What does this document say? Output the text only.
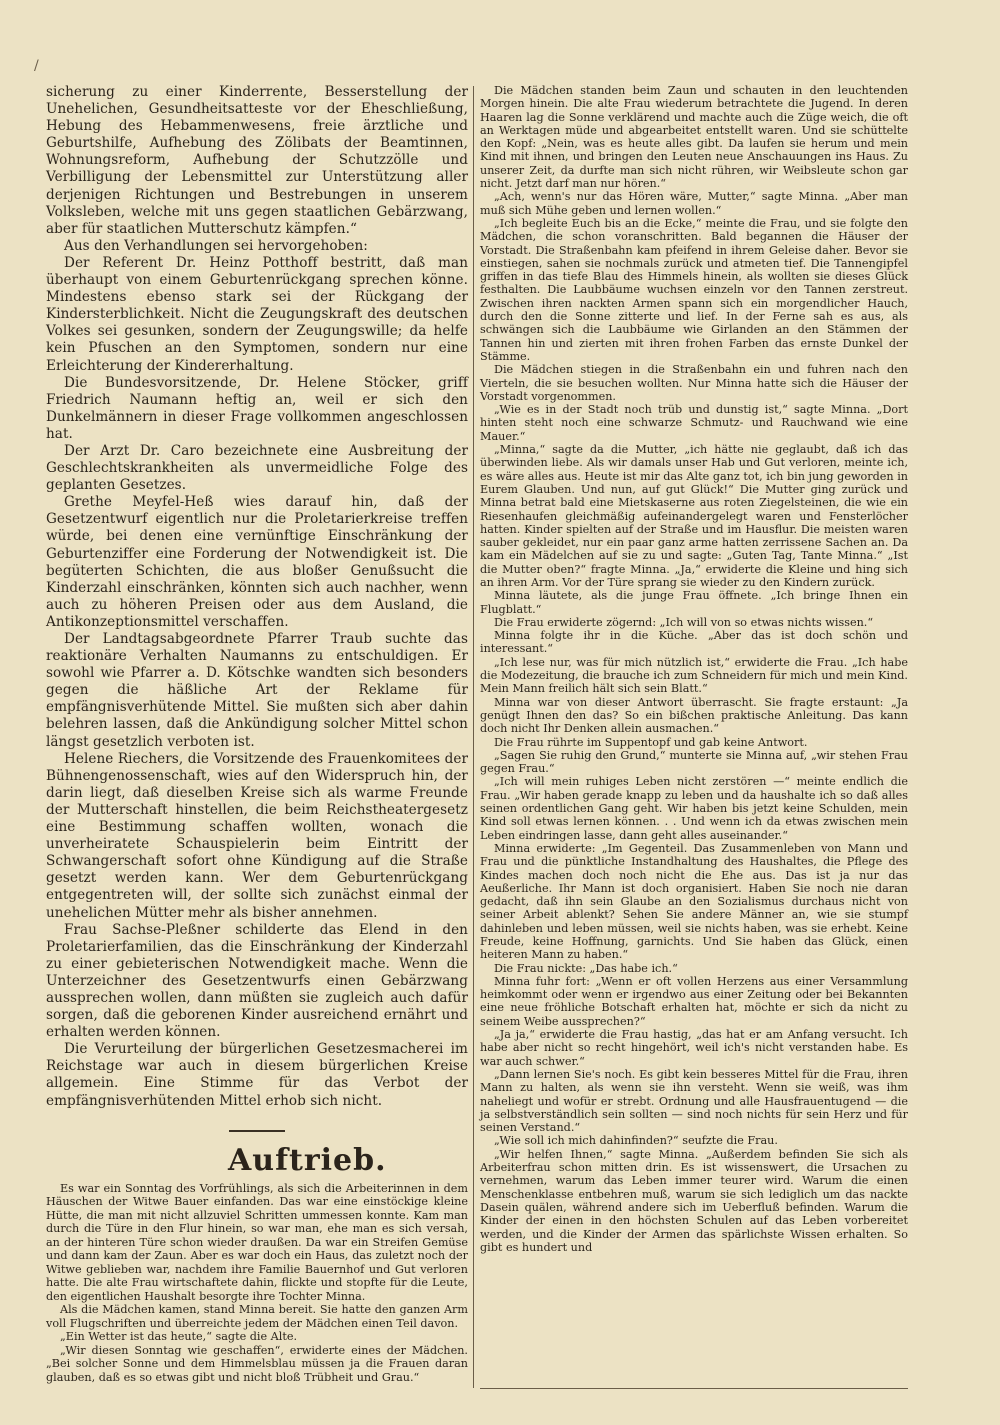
/

sicherung zu einer Kinderrente, Besserstellung der Unehelichen, Gesundheitsatteste vor der Eheschließung, Hebung des Hebammenwesens, freie ärztliche und Geburtshilfe, Aufhebung des Zölibats der Beamtinnen, Wohnungsreform, Aufhebung der Schutzzölle und Verbilligung der Lebensmittel zur Unterstützung aller derjenigen Richtungen und Bestrebungen in unserem Volksleben, welche mit uns gegen staatlichen Gebärzwang, aber für staatlichen Mutterschutz kämpfen.“

Aus den Verhandlungen sei hervorgehoben:

Der Referent Dr. Heinz Potthoff bestritt, daß man überhaupt von einem Geburtenrückgang sprechen könne. Mindestens ebenso stark sei der Rückgang der Kindersterblichkeit. Nicht die Zeugungskraft des deutschen Volkes sei gesunken, sondern der Zeugungswille; da helfe kein Pfuschen an den Symptomen, sondern nur eine Erleichterung der Kindererhaltung.

Die Bundesvorsitzende, Dr. Helene Stöcker, griff Friedrich Naumann heftig an, weil er sich den Dunkelmännern in dieser Frage vollkommen angeschlossen hat.

Der Arzt Dr. Caro bezeichnete eine Ausbreitung der Geschlechtskrankheiten als unvermeidliche Folge des geplanten Gesetzes.

Grethe Meyfel-Heß wies darauf hin, daß der Gesetzentwurf eigentlich nur die Proletarierkreise treffen würde, bei denen eine vernünftige Einschränkung der Geburtenziffer eine Forderung der Notwendigkeit ist. Die begüterten Schichten, die aus bloßer Genußsucht die Kinderzahl einschränken, könnten sich auch nachher, wenn auch zu höheren Preisen oder aus dem Ausland, die Antikonzeptionsmittel verschaffen.

Der Landtagsabgeordnete Pfarrer Traub suchte das reaktionäre Verhalten Naumanns zu entschuldigen. Er sowohl wie Pfarrer a. D. Kötschke wandten sich besonders gegen die häßliche Art der Reklame für empfängnisverhütende Mittel. Sie mußten sich aber dahin belehren lassen, daß die Ankündigung solcher Mittel schon längst gesetzlich verboten ist.

Helene Riechers, die Vorsitzende des Frauenkomitees der Bühnengenossenschaft, wies auf den Widerspruch hin, der darin liegt, daß dieselben Kreise sich als warme Freunde der Mutterschaft hinstellen, die beim Reichstheatergesetz eine Bestimmung schaffen wollten, wonach die unverheiratete Schauspielerin beim Eintritt der Schwangerschaft sofort ohne Kündigung auf die Straße gesetzt werden kann. Wer dem Geburtenrückgang entgegentreten will, der sollte sich zunächst einmal der unehelichen Mütter mehr als bisher annehmen.

Frau Sachse-Pleßner schilderte das Elend in den Proletarierfamilien, das die Einschränkung der Kinderzahl zu einer gebieterischen Notwendigkeit mache. Wenn die Unterzeichner des Gesetzentwurfs einen Gebärzwang aussprechen wollen, dann müßten sie zugleich auch dafür sorgen, daß die geborenen Kinder ausreichend ernährt und erhalten werden können.

Die Verurteilung der bürgerlichen Gesetzesmacherei im Reichstage war auch in diesem bürgerlichen Kreise allgemein. Eine Stimme für das Verbot der empfängnisverhütenden Mittel erhob sich nicht.

Auftrieb.

Es war ein Sonntag des Vorfrühlings, als sich die Arbeiterinnen in dem Häuschen der Witwe Bauer einfanden. Das war eine einstöckige kleine Hütte, die man mit nicht allzuviel Schritten ummessen konnte. Kam man durch die Türe in den Flur hinein, so war man, ehe man es sich versah, an der hinteren Türe schon wieder draußen. Da war ein Streifen Gemüse und dann kam der Zaun. Aber es war doch ein Haus, das zuletzt noch der Witwe geblieben war, nachdem ihre Familie Bauernhof und Gut verloren hatte. Die alte Frau wirtschaftete dahin, flickte und stopfte für die Leute, den eigentlichen Haushalt besorgte ihre Tochter Minna.

Als die Mädchen kamen, stand Minna bereit. Sie hatte den ganzen Arm voll Flugschriften und überreichte jedem der Mädchen einen Teil davon.

„Ein Wetter ist das heute,“ sagte die Alte.

„Wir diesen Sonntag wie geschaffen“, erwiderte eines der Mädchen. „Bei solcher Sonne und dem Himmelsblau müssen ja die Frauen daran glauben, daß es so etwas gibt und nicht bloß Trübheit und Grau.“

Die Mädchen standen beim Zaun und schauten in den leuchtenden Morgen hinein. Die alte Frau wiederum betrachtete die Jugend. In deren Haaren lag die Sonne verklärend und machte auch die Züge weich, die oft an Werktagen müde und abgearbeitet entstellt waren. Und sie schüttelte den Kopf: „Nein, was es heute alles gibt. Da laufen sie herum und mein Kind mit ihnen, und bringen den Leuten neue Anschauungen ins Haus. Zu unserer Zeit, da durfte man sich nicht rühren, wir Weibsleute schon gar nicht. Jetzt darf man nur hören.“

„Ach, wenn's nur das Hören wäre, Mutter,“ sagte Minna. „Aber man muß sich Mühe geben und lernen wollen.“

„Ich begleite Euch bis an die Ecke,“ meinte die Frau, und sie folgte den Mädchen, die schon voranschritten. Bald begannen die Häuser der Vorstadt. Die Straßenbahn kam pfeifend in ihrem Geleise daher. Bevor sie einstiegen, sahen sie nochmals zurück und atmeten tief. Die Tannengipfel griffen in das tiefe Blau des Himmels hinein, als wollten sie dieses Glück festhalten. Die Laubbäume wuchsen einzeln vor den Tannen zerstreut. Zwischen ihren nackten Armen spann sich ein morgendlicher Hauch, durch den die Sonne zitterte und lief. In der Ferne sah es aus, als schwängen sich die Laubbäume wie Girlanden an den Stämmen der Tannen hin und zierten mit ihren frohen Farben das ernste Dunkel der Stämme.

Die Mädchen stiegen in die Straßenbahn ein und fuhren nach den Vierteln, die sie besuchen wollten. Nur Minna hatte sich die Häuser der Vorstadt vorgenommen.

„Wie es in der Stadt noch trüb und dunstig ist,“ sagte Minna. „Dort hinten steht noch eine schwarze Schmutz- und Rauchwand wie eine Mauer.“

„Minna,“ sagte da die Mutter, „ich hätte nie geglaubt, daß ich das überwinden liebe. Als wir damals unser Hab und Gut verloren, meinte ich, es wäre alles aus. Heute ist mir das Alte ganz tot, ich bin jung geworden in Eurem Glauben. Und nun, auf gut Glück!“ Die Mutter ging zurück und Minna betrat bald eine Mietskaserne aus roten Ziegelsteinen, die wie ein Riesenhaufen gleichmäßig aufeinandergelegt waren und Fensterlöcher hatten. Kinder spielten auf der Straße und im Hausflur. Die meisten waren sauber gekleidet, nur ein paar ganz arme hatten zerrissene Sachen an. Da kam ein Mädelchen auf sie zu und sagte: „Guten Tag, Tante Minna.“ „Ist die Mutter oben?“ fragte Minna. „Ja,“ erwiderte die Kleine und hing sich an ihren Arm. Vor der Türe sprang sie wieder zu den Kindern zurück.

Minna läutete, als die junge Frau öffnete. „Ich bringe Ihnen ein Flugblatt.“

Die Frau erwiderte zögernd: „Ich will von so etwas nichts wissen.“

Minna folgte ihr in die Küche. „Aber das ist doch schön und interessant.“

„Ich lese nur, was für mich nützlich ist,“ erwiderte die Frau. „Ich habe die Modezeitung, die brauche ich zum Schneidern für mich und mein Kind. Mein Mann freilich hält sich sein Blatt.“

Minna war von dieser Antwort überrascht. Sie fragte erstaunt: „Ja genügt Ihnen den das? So ein bißchen praktische Anleitung. Das kann doch nicht Ihr Denken allein ausmachen.“

Die Frau rührte im Suppentopf und gab keine Antwort.

„Sagen Sie ruhig den Grund,“ munterte sie Minna auf, „wir stehen Frau gegen Frau.“

„Ich will mein ruhiges Leben nicht zerstören —“ meinte endlich die Frau. „Wir haben gerade knapp zu leben und da haushalte ich so daß alles seinen ordentlichen Gang geht. Wir haben bis jetzt keine Schulden, mein Kind soll etwas lernen können. . . Und wenn ich da etwas zwischen mein Leben eindringen lasse, dann geht alles auseinander.“

Minna erwiderte: „Im Gegenteil. Das Zusammenleben von Mann und Frau und die pünktliche Instandhaltung des Haushaltes, die Pflege des Kindes machen doch noch nicht die Ehe aus. Das ist ja nur das Aeußerliche. Ihr Mann ist doch organisiert. Haben Sie noch nie daran gedacht, daß ihn sein Glaube an den Sozialismus durchaus nicht von seiner Arbeit ablenkt? Sehen Sie andere Männer an, wie sie stumpf dahinleben und leben müssen, weil sie nichts haben, was sie erhebt. Keine Freude, keine Hoffnung, garnichts. Und Sie haben das Glück, einen heiteren Mann zu haben.“

Die Frau nickte: „Das habe ich.“

Minna fuhr fort: „Wenn er oft vollen Herzens aus einer Versammlung heimkommt oder wenn er irgendwo aus einer Zeitung oder bei Bekannten eine neue fröhliche Botschaft erhalten hat, möchte er sich da nicht zu seinem Weibe aussprechen?“

„Ja ja,“ erwiderte die Frau hastig, „das hat er am Anfang versucht. Ich habe aber nicht so recht hingehört, weil ich's nicht verstanden habe. Es war auch schwer.“

„Dann lernen Sie's noch. Es gibt kein besseres Mittel für die Frau, ihren Mann zu halten, als wenn sie ihn versteht. Wenn sie weiß, was ihm naheliegt und wofür er strebt. Ordnung und alle Hausfrauentugend — die ja selbstverständlich sein sollten — sind noch nichts für sein Herz und für seinen Verstand.“

„Wie soll ich mich dahinfinden?“ seufzte die Frau.

„Wir helfen Ihnen,“ sagte Minna. „Außerdem befinden Sie sich als Arbeiterfrau schon mitten drin. Es ist wissenswert, die Ursachen zu vernehmen, warum das Leben immer teurer wird. Warum die einen Menschenklasse entbehren muß, warum sie sich lediglich um das nackte Dasein quälen, während andere sich im Ueberfluß befinden. Warum die Kinder der einen in den höchsten Schulen auf das Leben vorbereitet werden, und die Kinder der Armen das spärlichste Wissen erhalten. So gibt es hundert und
